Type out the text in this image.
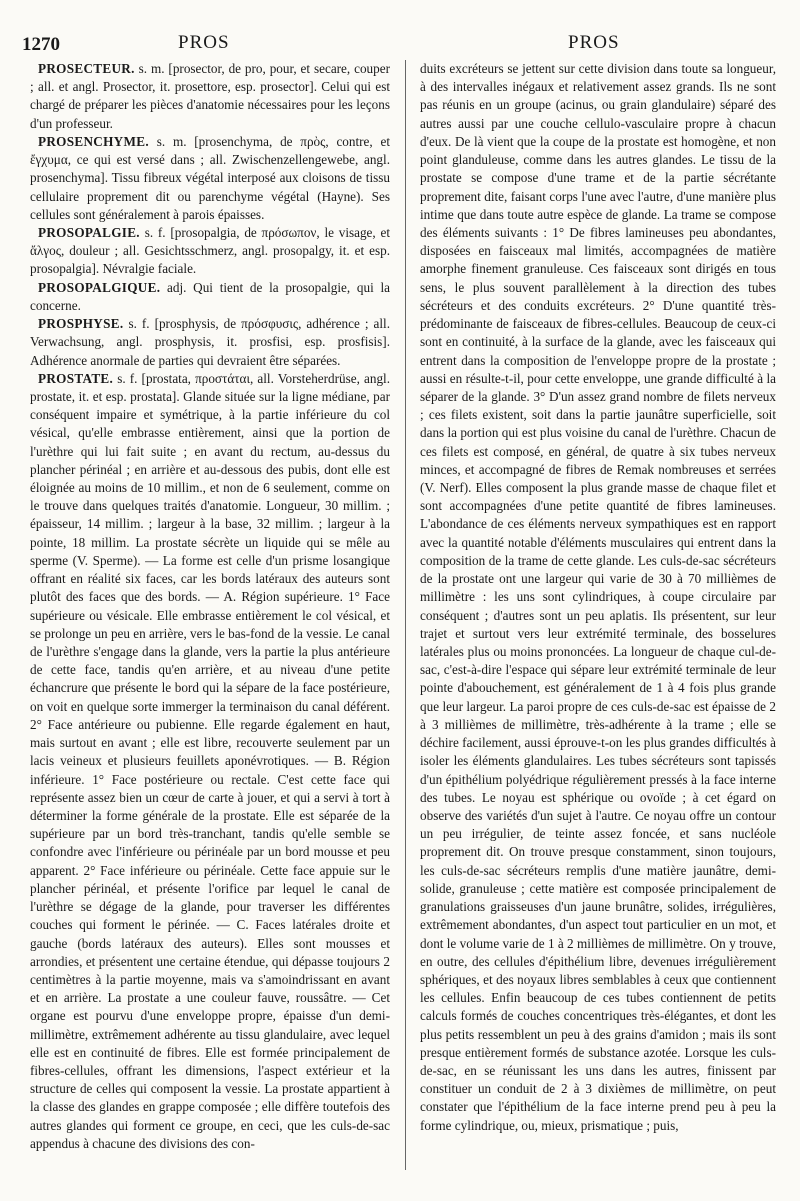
1270	PROS	PROS

PROSECTEUR. s. m. [prosector, de pro, pour, et secare, couper ; all. et angl. Prosector, it. prosettore, esp. prosector]. Celui qui est chargé de préparer les pièces d'anatomie nécessaires pour les leçons d'un professeur.

PROSENCHYME. s. m. [prosenchyma, de πρὸς, contre, et ἔγχυμα, ce qui est versé dans ; all. Zwischenzellengewebe, angl. prosenchyma]. Tissu fibreux végétal interposé aux cloisons de tissu cellulaire proprement dit ou parenchyme végétal (Hayne). Ses cellules sont généralement à parois épaisses.

PROSOPALGIE. s. f. [prosopalgia, de πρόσωπον, le visage, et ἄλγος, douleur ; all. Gesichtsschmerz, angl. prosopalgy, it. et esp. prosopalgia]. Névralgie faciale.

PROSOPALGIQUE. adj. Qui tient de la prosopalgie, qui la concerne.

PROSPHYSE. s. f. [prosphysis, de πρόσφυσις, adhérence ; all. Verwachsung, angl. prosphysis, it. prosfisi, esp. prosfisis]. Adhérence anormale de parties qui devraient être séparées.

PROSTATE. s. f. [prostata, προστάται, all. Vorsteherdrüse, angl. prostate, it. et esp. prostata]. Glande située sur la ligne médiane, par conséquent impaire et symétrique, à la partie inférieure du col vésical, qu'elle embrasse entièrement, ainsi que la portion de l'urèthre qui lui fait suite ; en avant du rectum, au-dessus du plancher périnéal ; en arrière et au-dessous des pubis, dont elle est éloignée au moins de 10 millim., et non de 6 seulement, comme on le trouve dans quelques traités d'anatomie. Longueur, 30 millim. ; épaisseur, 14 millim. ; largeur à la base, 32 millim. ; largeur à la pointe, 18 millim. La prostate sécrète un liquide qui se mêle au sperme (V. Sperme). — La forme est celle d'un prisme losangique offrant en réalité six faces, car les bords latéraux des auteurs sont plutôt des faces que des bords. — A. Région supérieure. 1° Face supérieure ou vésicale. Elle embrasse entièrement le col vésical, et se prolonge un peu en arrière, vers le bas-fond de la vessie. Le canal de l'urèthre s'engage dans la glande, vers la partie la plus antérieure de cette face, tandis qu'en arrière, et au niveau d'une petite échancrure que présente le bord qui la sépare de la face postérieure, on voit en quelque sorte immerger la terminaison du canal déférent. 2° Face antérieure ou pubienne. Elle regarde également en haut, mais surtout en avant ; elle est libre, recouverte seulement par un lacis veineux et plusieurs feuillets aponévrotiques. — B. Région inférieure. 1° Face postérieure ou rectale. C'est cette face qui représente assez bien un cœur de carte à jouer, et qui a servi à tort à déterminer la forme générale de la prostate. Elle est séparée de la supérieure par un bord très-tranchant, tandis qu'elle semble se confondre avec l'inférieure ou périnéale par un bord mousse et peu apparent. 2° Face inférieure ou périnéale. Cette face appuie sur le plancher périnéal, et présente l'orifice par lequel le canal de l'urèthre se dégage de la glande, pour traverser les différentes couches qui forment le périnée. — C. Faces latérales droite et gauche (bords latéraux des auteurs). Elles sont mousses et arrondies, et présentent une certaine étendue, qui dépasse toujours 2 centimètres à la partie moyenne, mais va s'amoindrissant en avant et en arrière. La prostate a une couleur fauve, roussâtre. — Cet organe est pourvu d'une enveloppe propre, épaisse d'un demi-millimètre, extrêmement adhérente au tissu glandulaire, avec lequel elle est en continuité de fibres. Elle est formée principalement de fibres-cellules, offrant les dimensions, l'aspect extérieur et la structure de celles qui composent la vessie. La prostate appartient à la classe des glandes en grappe composée ; elle diffère toutefois des autres glandes qui forment ce groupe, en ceci, que les culs-de-sac appendus à chacune des divisions des con-

duits excréteurs se jettent sur cette division dans toute sa longueur, à des intervalles inégaux et relativement assez grands. Ils ne sont pas réunis en un groupe (acinus, ou grain glandulaire) séparé des autres aussi par une couche cellulo-vasculaire propre à chacun d'eux. De là vient que la coupe de la prostate est homogène, et non point glanduleuse, comme dans les autres glandes. Le tissu de la prostate se compose d'une trame et de la partie sécrétante proprement dite, faisant corps l'une avec l'autre, d'une manière plus intime que dans toute autre espèce de glande. La trame se compose des éléments suivants : 1° De fibres lamineuses peu abondantes, disposées en faisceaux mal limités, accompagnées de matière amorphe finement granuleuse. Ces faisceaux sont dirigés en tous sens, le plus souvent parallèlement à la direction des tubes sécréteurs et des conduits excréteurs. 2° D'une quantité très-prédominante de faisceaux de fibres-cellules. Beaucoup de ceux-ci sont en continuité, à la surface de la glande, avec les faisceaux qui entrent dans la composition de l'enveloppe propre de la prostate ; aussi en résulte-t-il, pour cette enveloppe, une grande difficulté à la séparer de la glande. 3° D'un assez grand nombre de filets nerveux ; ces filets existent, soit dans la partie jaunâtre superficielle, soit dans la portion qui est plus voisine du canal de l'urèthre. Chacun de ces filets est composé, en général, de quatre à six tubes nerveux minces, et accompagné de fibres de Remak nombreuses et serrées (V. Nerf). Elles composent la plus grande masse de chaque filet et sont accompagnées d'une petite quantité de fibres lamineuses. L'abondance de ces éléments nerveux sympathiques est en rapport avec la quantité notable d'éléments musculaires qui entrent dans la composition de la trame de cette glande. Les culs-de-sac sécréteurs de la prostate ont une largeur qui varie de 30 à 70 millièmes de millimètre : les uns sont cylindriques, à coupe circulaire par conséquent ; d'autres sont un peu aplatis. Ils présentent, sur leur trajet et surtout vers leur extrémité terminale, des bosselures latérales plus ou moins prononcées. La longueur de chaque cul-de-sac, c'est-à-dire l'espace qui sépare leur extrémité terminale de leur pointe d'abouchement, est généralement de 1 à 4 fois plus grande que leur largeur. La paroi propre de ces culs-de-sac est épaisse de 2 à 3 millièmes de millimètre, très-adhérente à la trame ; elle se déchire facilement, aussi éprouve-t-on les plus grandes difficultés à isoler les éléments glandulaires. Les tubes sécréteurs sont tapissés d'un épithélium polyédrique régulièrement pressés à la face interne des tubes. Le noyau est sphérique ou ovoïde ; à cet égard on observe des variétés d'un sujet à l'autre. Ce noyau offre un contour un peu irrégulier, de teinte assez foncée, et sans nucléole proprement dit. On trouve presque constamment, sinon toujours, les culs-de-sac sécréteurs remplis d'une matière jaunâtre, demi-solide, granuleuse ; cette matière est composée principalement de granulations graisseuses d'un jaune brunâtre, solides, irrégulières, extrêmement abondantes, d'un aspect tout particulier en un mot, et dont le volume varie de 1 à 2 millièmes de millimètre. On y trouve, en outre, des cellules d'épithélium libre, devenues irrégulièrement sphériques, et des noyaux libres semblables à ceux que contiennent les cellules. Enfin beaucoup de ces tubes contiennent de petits calculs formés de couches concentriques très-élégantes, et dont les plus petits ressemblent un peu à des grains d'amidon ; mais ils sont presque entièrement formés de substance azotée. Lorsque les culs-de-sac, en se réunissant les uns dans les autres, finissent par constituer un conduit de 2 à 3 dixièmes de millimètre, on peut constater que l'épithélium de la face interne prend peu à peu la forme cylindrique, ou, mieux, prismatique ; puis,
